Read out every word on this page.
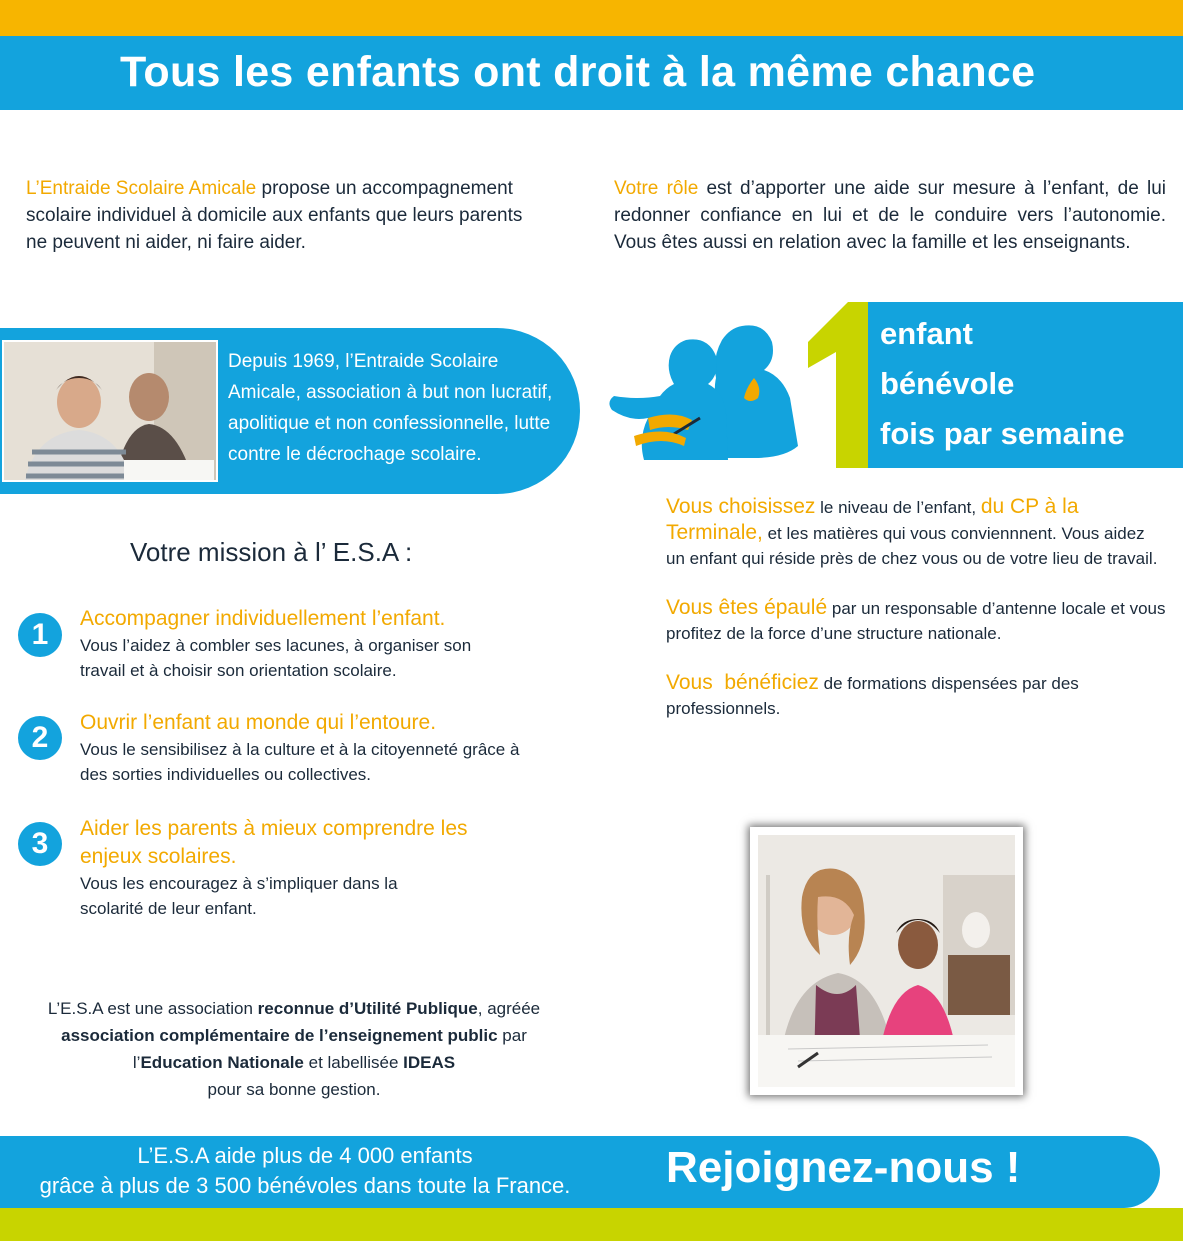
Tous les enfants ont droit à la même chance
L’Entraide Scolaire Amicale propose un accompagnement scolaire individuel à domicile aux enfants que leurs parents ne peuvent ni aider, ni faire aider.
Votre rôle est d’apporter une aide sur mesure à l’enfant, de lui redonner confiance en lui et de le conduire vers l’autonomie. Vous êtes aussi en relation avec la famille et les enseignants.
Depuis 1969, l’Entraide Scolaire Amicale, association à but non lucratif, apolitique et non confessionnelle, lutte contre le décrochage scolaire.
enfant
bénévole
fois par semaine
Votre mission à l’ E.S.A :
1	Accompagner individuellement l’enfant.
Vous l’aidez à combler ses lacunes, à organiser son travail et à choisir son orientation scolaire.
2	Ouvrir l’enfant au monde qui l’entoure.
Vous le sensibilisez à la culture et à la citoyenneté grâce à des sorties individuelles ou collectives.
3	Aider les parents à mieux comprendre les enjeux scolaires.
Vous les encouragez à s’impliquer dans la scolarité de leur enfant.
Vous choisissez le niveau de l’enfant, du CP à la Terminale, et les matières qui vous conviennnent. Vous aidez un enfant qui réside près de chez vous ou de votre lieu de travail.
Vous êtes épaulé par un responsable d’antenne locale et vous profitez de la force d’une structure nationale.
Vous  bénéficiez de formations dispensées par des professionnels.
L’E.S.A est une association reconnue d’Utilité Publique, agréée association complémentaire de l’enseignement public par l’Education Nationale et labellisée IDEAS
pour sa bonne gestion.
L’E.S.A aide plus de 4 000 enfants
grâce à plus de 3 500 bénévoles dans toute la France.	Rejoignez-nous !
